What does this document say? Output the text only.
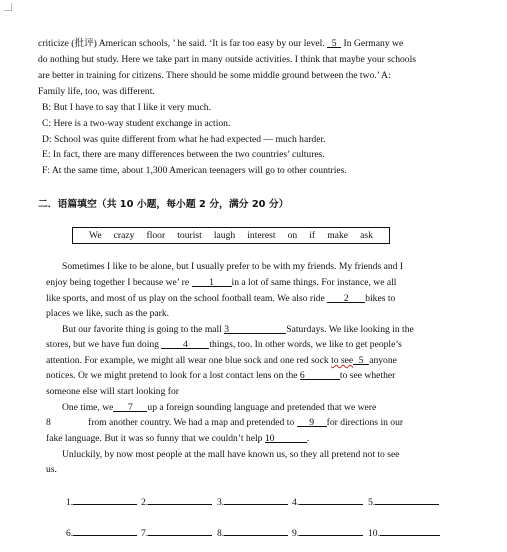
criticize (批评) American schools, ’ he said. ‘It is far too easy by our level. 5 In Germany we
do nothing but study. Here we take part in many outside activities. I think that maybe your schools
are better in training for citizens. There should be some middle ground between the two.’ A:
Family life, too, was different.
B: But I have to say that I like it very much.
C: Here is a two-way student exchange in action.
D: School was quite different from what he had expected — much harder.
E: In fact, there are many differences between the two countries’ cultures.
F: At the same time, about 1,300 American teenagers will go to other countries.
二．语篇填空（共 10 小题，每小题 2 分，满分 20 分）
We crazy floor tourist laugh interest on if make ask
Sometimes I like to be alone, but I usually prefer to be with my friends. My friends and I
enjoy being together I because we’ re 1 in a lot of same things. For instance, we all
like sports, and most of us play on the school football team. We also ride 2 bikes to
places we like, such as the park.
But our favorite thing is going to the mall 3	Saturdays. We like looking in the
stores, but we have fun doing 4 things, too. In other words, we like to get people’s
attention. For example, we might all wear one blue sock and one red sock to see 5 anyone
notices. Or we might pretend to look for a lost contact lens on the 6	to see whether
someone else will start looking for
One time, we 7 up a foreign sounding language and pretended that we were
8	from another country. We had a map and pretended to 9 for directions in our
fake language. But it was so funny that we couldn’t help 10	.
Unluckily, by now most people at the mall have known us, so they all pretend not to see
us.
1.	2.	3.	4.	5.
6.	7.	8.	9.	10.
